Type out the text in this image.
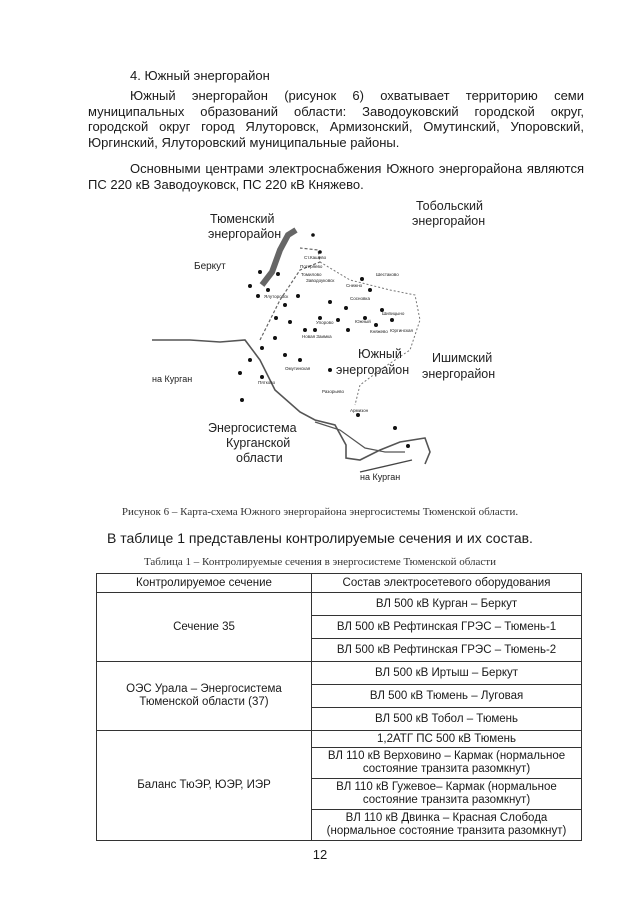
4. Южный энергорайон

Южный энергорайон (рисунок 6) охватывает территорию семи муниципальных образований области: Заводоуковский городской округ, городской округ город Ялуторовск, Армизонский, Омутинский, Упоровский, Юргинский, Ялуторовский муниципальные районы.

Основными центрами электроснабжения Южного энергорайона являются ПС 220 кВ Заводоуковск, ПС 220 кВ Княжево.

Ст.Кашево
Потеряево
Томилово
Заводоуковск
Ялуторовск	Сосновка
Шестаково
Снежно
Новая Заимка
Упорово
Омутинская
Южный
Пятково
Армизон
Шипицыно
Княжево Юргинская
Разорьево
Тюменский
энергорайон
Тобольский
энергорайон
Южный
энергорайон
Ишимский
энергорайон
Энергосистема
Курганской
области
Беркут
на Курган
на Курган

Рисунок 6 – Карта-схема Южного энергорайона энергосистемы Тюменской области.

В таблице 1 представлены контролируемые сечения и их состав.

Таблица 1 – Контролируемые сечения в энергосистеме Тюменской области

Контролируемое сечение	Состав электросетевого оборудования
Сечение 35	ВЛ 500 кВ Курган – Беркут
	ВЛ 500 кВ Рефтинская ГРЭС – Тюмень-1
	ВЛ 500 кВ Рефтинская ГРЭС – Тюмень-2
ОЭС Урала – Энергосистема Тюменской области (37)	ВЛ 500 кВ Иртыш – Беркут
	ВЛ 500 кВ Тюмень – Луговая
	ВЛ 500 кВ Тобол – Тюмень
Баланс ТюЭР, ЮЭР, ИЭР	1,2АТГ ПС 500 кВ Тюмень
	ВЛ 110 кВ Верховино – Кармак (нормальное состояние транзита разомкнут)
	ВЛ 110 кВ Гужевое– Кармак (нормальное состояние транзита разомкнут)
	ВЛ 110 кВ Двинка – Красная Слобода (нормальное состояние транзита разомкнут)
12
